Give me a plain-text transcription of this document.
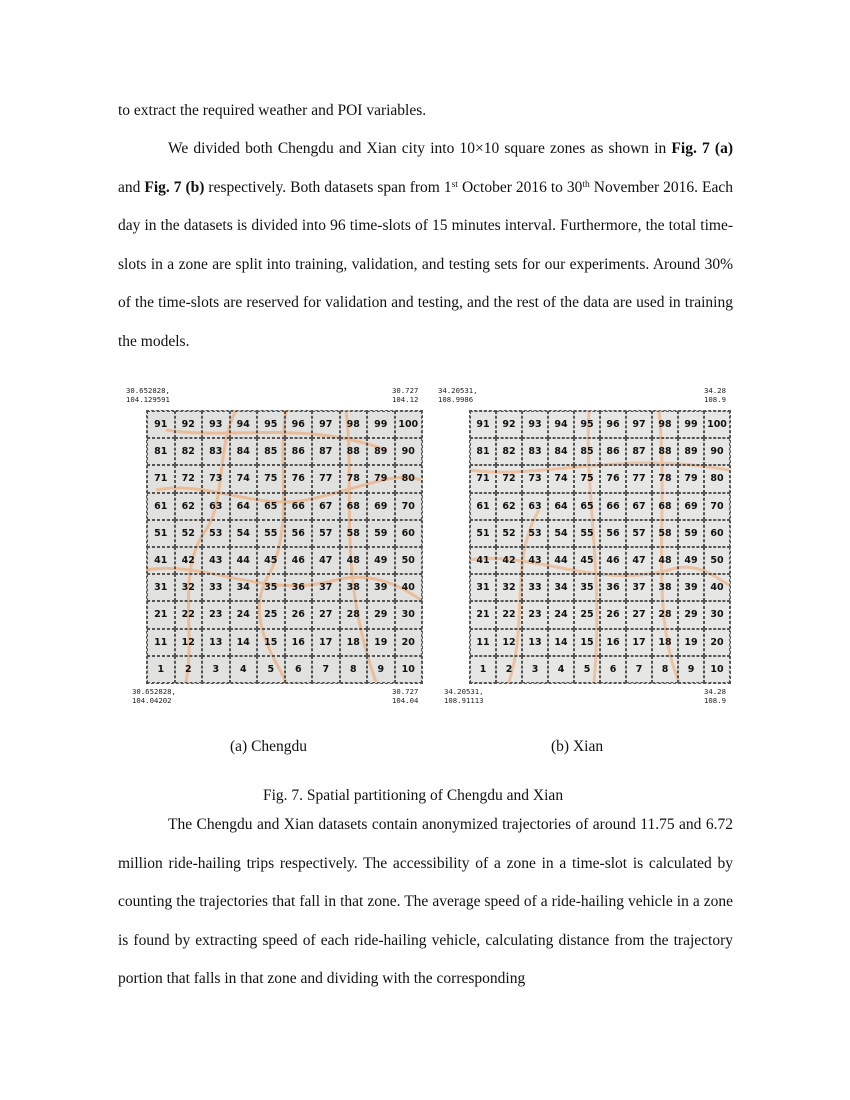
to extract the required weather and POI variables.
We divided both Chengdu and Xian city into 10×10 square zones as shown in Fig. 7 (a) and Fig. 7 (b) respectively. Both datasets span from 1st October 2016 to 30th November 2016. Each day in the datasets is divided into 96 time-slots of 15 minutes interval. Furthermore, the total time-slots in a zone are split into training, validation, and testing sets for our experiments. Around 30% of the time-slots are reserved for validation and testing, and the rest of the data are used in training the models.
30.652828,
104.129591
30.727
104.12
91	92	93	94	95	96	97	98	99	100
81	82	83	84	85	86	87	88	89	90
71	72	73	74	75	76	77	78	79	80
61	62	63	64	65	66	67	68	69	70
51	52	53	54	55	56	57	58	59	60
41	42	43	44	45	46	47	48	49	50
31	32	33	34	35	36	37	38	39	40
21	22	23	24	25	26	27	28	29	30
11	12	13	14	15	16	17	18	19	20
1	2	3	4	5	6	7	8	9	10
30.652828,
104.04202
30.727
104.04
34.20531,
108.9986
34.28
108.9
91	92	93	94	95	96	97	98	99 100
81	82	83	84	85	86	87	88	89	90
71	72	73	74	75	76	77	78	79	80
61	62	63	64	65	66	67	68	69	70
51	52	53	54	55	56	57	58	59	60
41	42	43	44	45	46	47	48	49	50
31	32	33	34	35	36	37	38	39	40
21	22	23	24	25	26	27	28	29	30
11	12	13	14	15	16	17	18	19	20
1	2	3	4	5	6	7	8	9	10
34.20531,
108.91113
34.28
108.9
(a) Chengdu	(b) Xian
Fig. 7. Spatial partitioning of Chengdu and Xian
The Chengdu and Xian datasets contain anonymized trajectories of around 11.75 and 6.72 million ride-hailing trips respectively. The accessibility of a zone in a time-slot is calculated by counting the trajectories that fall in that zone. The average speed of a ride-hailing vehicle in a zone is found by extracting speed of each ride-hailing vehicle, calculating distance from the trajectory portion that falls in that zone and dividing with the corresponding
